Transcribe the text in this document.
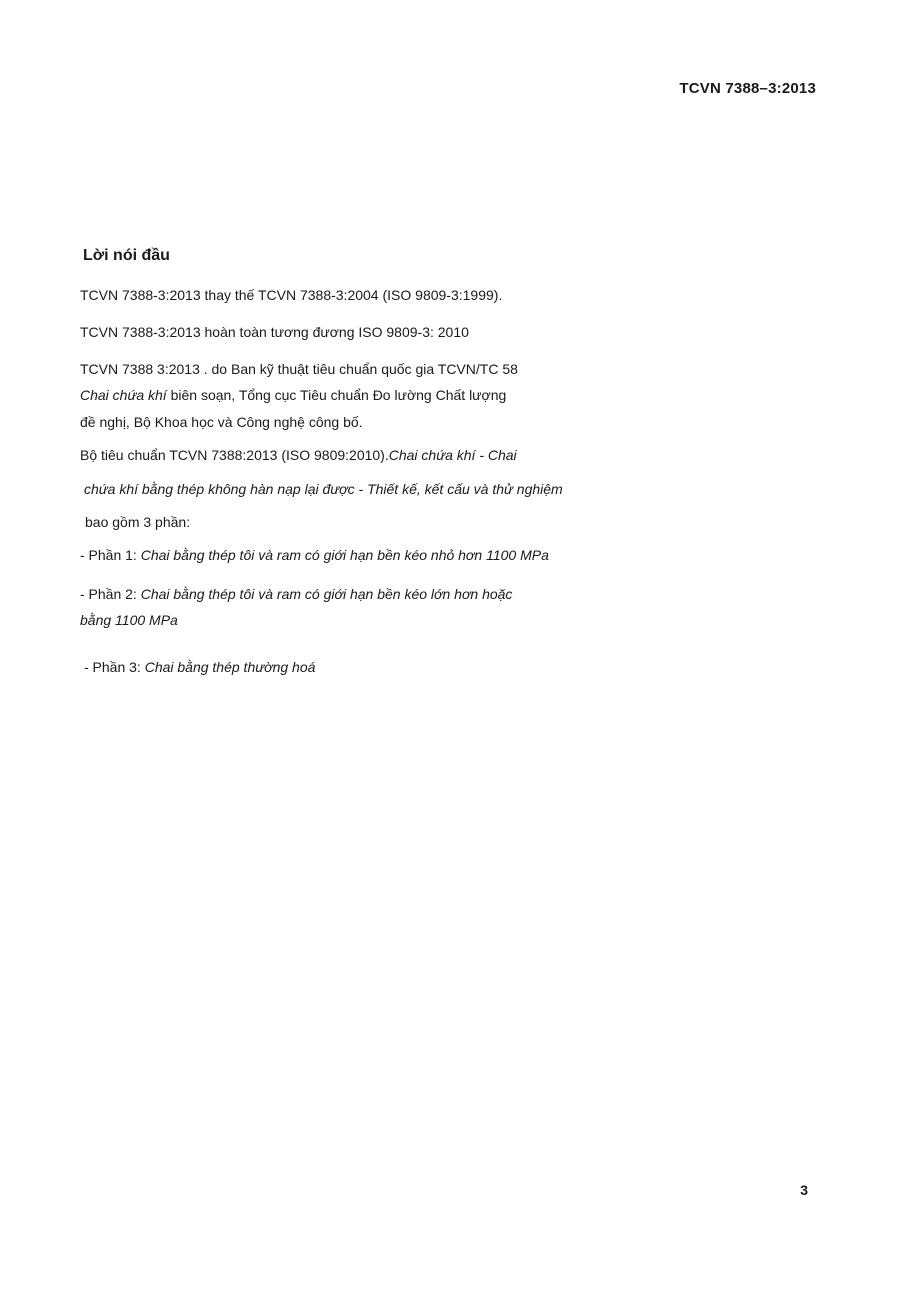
TCVN 7388–3:2013
Lời nói đầu
TCVN 7388-3:2013 thay thế TCVN 7388-3:2004 (ISO 9809-3:1999).
TCVN 7388-3:2013 hoàn toàn tương đương ISO 9809-3: 2010
TCVN 7388 3:2013 . do Ban kỹ thuật tiêu chuẩn quốc gia TCVN/TC 58
Chai chứa khí biên soạn, Tổng cục Tiêu chuẩn Đo lường Chất lượng
đề nghị, Bộ Khoa học và Công nghệ công bố.
Bộ tiêu chuẩn TCVN 7388:2013 (ISO 9809:2010).Chai chứa khí - Chai
chứa khí bằng thép không hàn nạp lại được - Thiết kế, kết cấu và thử nghiệm
bao gồm 3 phần:
- Phần 1: Chai bằng thép tôi và ram có giới hạn bền kéo nhỏ hơn 1100 MPa
- Phần 2: Chai bằng thép tôi và ram có giới hạn bền kéo lớn hơn hoặc
bằng 1100 MPa
- Phần 3: Chai bằng thép thường hoá
3
